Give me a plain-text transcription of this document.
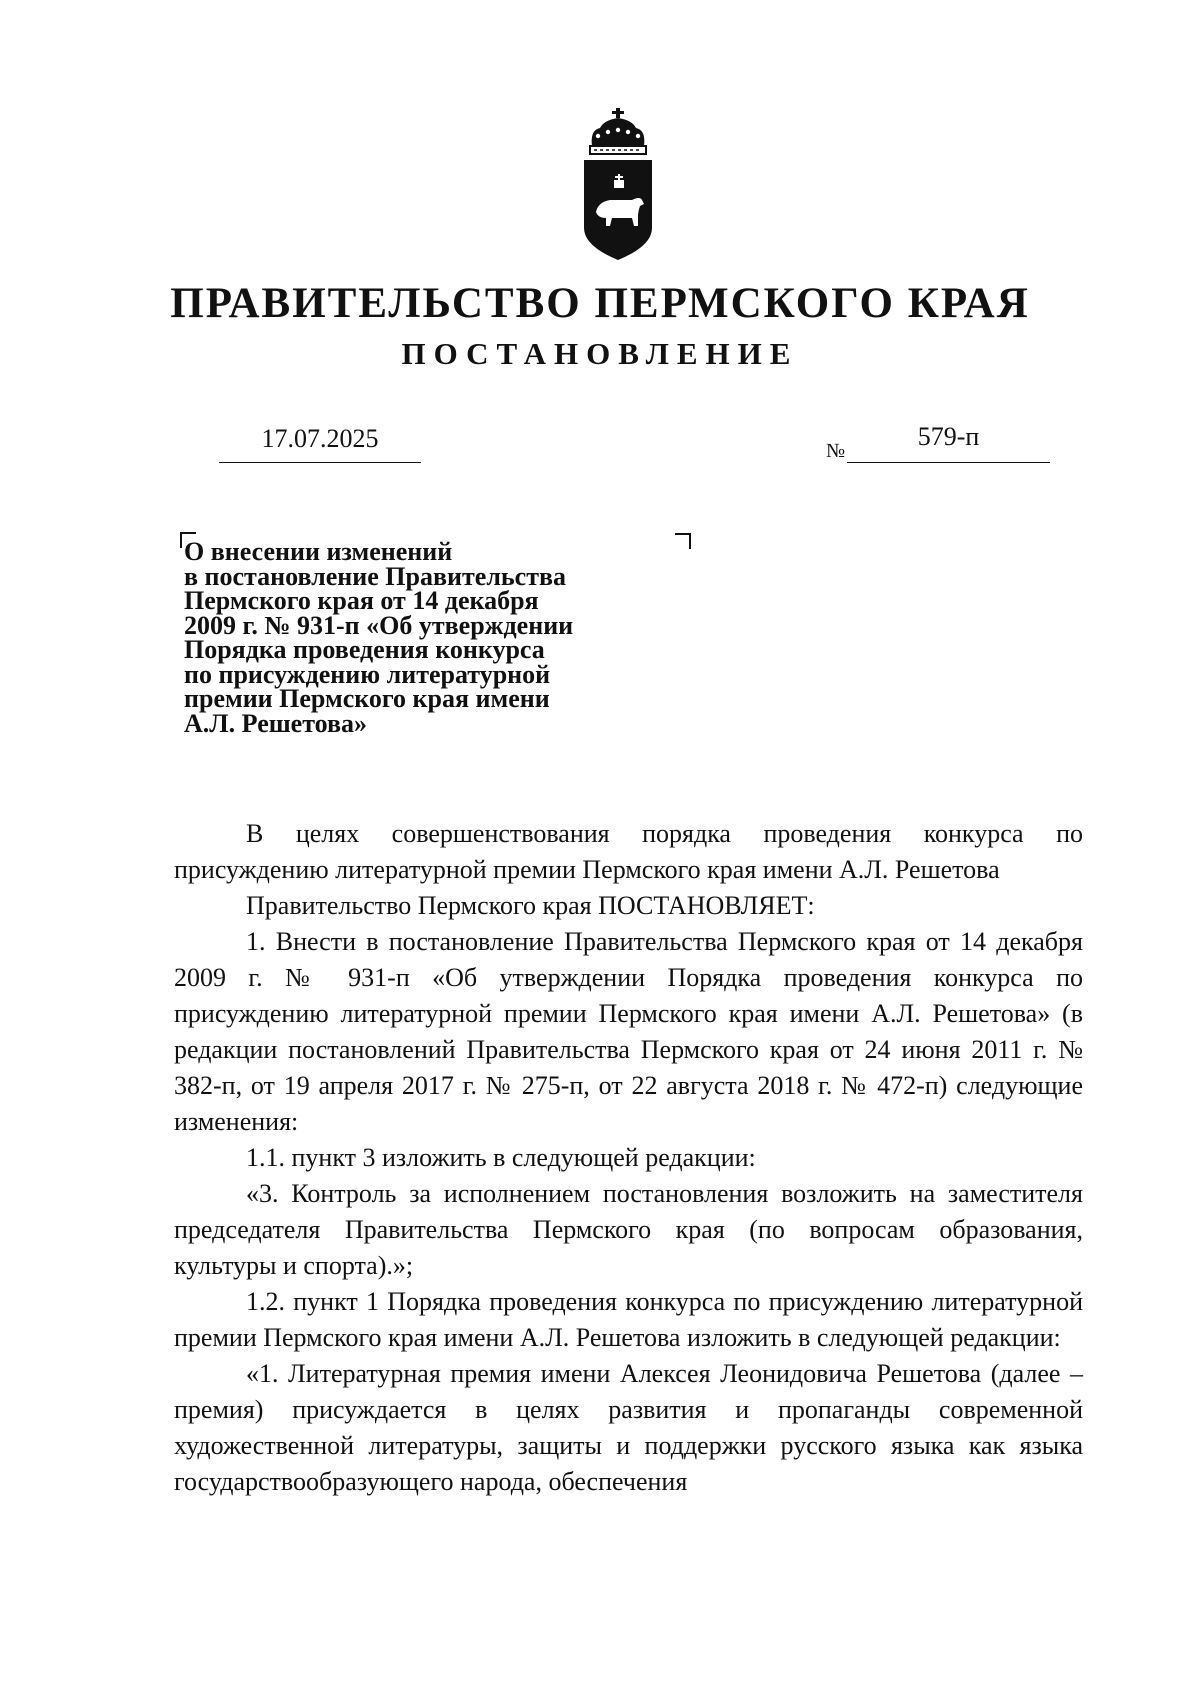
ПРАВИТЕЛЬСТВО ПЕРМСКОГО КРАЯ
ПОСТАНОВЛЕНИЕ
17.07.2025	№	579-п
О внесении изменений
в постановление Правительства
Пермского края от 14 декабря
2009 г. № 931-п «Об утверждении
Порядка проведения конкурса
по присуждению литературной
премии Пермского края имени
А.Л. Решетова»

В целях совершенствования порядка проведения конкурса по присуждению литературной премии Пермского края имени А.Л. Решетова

Правительство Пермского края ПОСТАНОВЛЯЕТ:

1. Внести в постановление Правительства Пермского края от 14 декабря 2009 г. № 931-п «Об утверждении Порядка проведения конкурса по присуждению литературной премии Пермского края имени А.Л. Решетова» (в редакции постановлений Правительства Пермского края от 24 июня 2011 г. № 382-п, от 19 апреля 2017 г. № 275-п, от 22 августа 2018 г. № 472-п) следующие изменения:

1.1. пункт 3 изложить в следующей редакции:

«3. Контроль за исполнением постановления возложить на заместителя председателя Правительства Пермского края (по вопросам образования, культуры и спорта).»;

1.2. пункт 1 Порядка проведения конкурса по присуждению литературной премии Пермского края имени А.Л. Решетова изложить в следующей редакции:

«1. Литературная премия имени Алексея Леонидовича Решетова (далее – премия) присуждается в целях развития и пропаганды современной художественной литературы, защиты и поддержки русского языка как языка государствообразующего народа, обеспечения
